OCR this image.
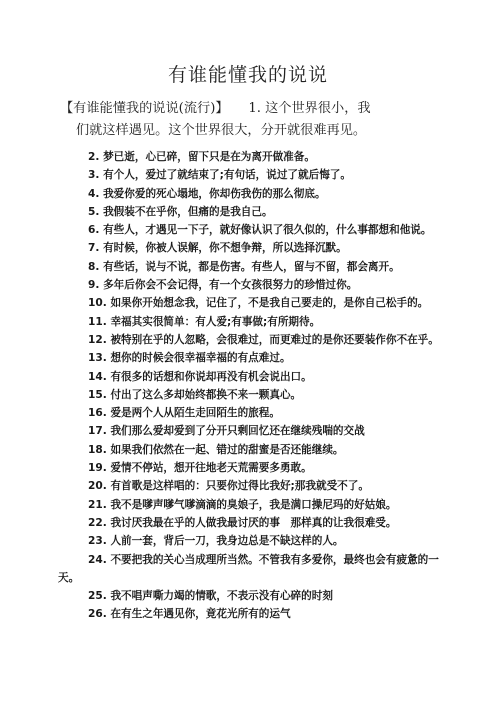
有谁能懂我的说说
【有谁能懂我的说说(流行)】　　1. 这个世界很小，我
们就这样遇见。这个世界很大，分开就很难再见。
2. 梦已逝，心已碎，留下只是在为离开做准备。
3. 有个人，爱过了就结束了;有句话，说过了就后悔了。
4. 我爱你爱的死心塌地，你却伤我伤的那么彻底。
5. 我假装不在乎你，但痛的是我自己。
6. 有些人，才遇见一下子，就好像认识了很久似的，什么事都想和他说。
7. 有时候，你被人误解，你不想争辩，所以选择沉默。
8. 有些话，说与不说，都是伤害。有些人，留与不留，都会离开。
9. 多年后你会不会记得，有一个女孩很努力的珍惜过你。
10. 如果你开始想念我，记住了，不是我自己要走的，是你自己松手的。
11. 幸福其实很简单：有人爱;有事做;有所期待。
12. 被特别在乎的人忽略，会很难过，而更难过的是你还要装作你不在乎。
13. 想你的时候会很幸福幸福的有点难过。
14. 有很多的话想和你说却再没有机会说出口。
15. 付出了这么多却始终都换不来一颗真心。
16. 爱是两个人从陌生走回陌生的旅程。
17. 我们那么爱却爱到了分开只剩回忆还在继续残喘的交战
18. 如果我们依然在一起、错过的甜蜜是否还能继续。
19. 爱情不停站，想开往地老天荒需要多勇敢。
20. 有首歌是这样唱的：只要你过得比我好;那我就受不了。
21. 我不是嗲声嗲气嗲滴滴的臭娘子，我是满口操尼玛的好姑娘。
22. 我讨厌我最在乎的人做我最讨厌的事　那样真的让我很难受。
23. 人前一套，背后一刀，我身边总是不缺这样的人。
24. 不要把我的关心当成理所当然。不管我有多爱你，最终也会有疲惫的一天。
25. 我不唱声嘶力竭的情歌，不表示没有心碎的时刻
26. 在有生之年遇见你，竟花光所有的运气
